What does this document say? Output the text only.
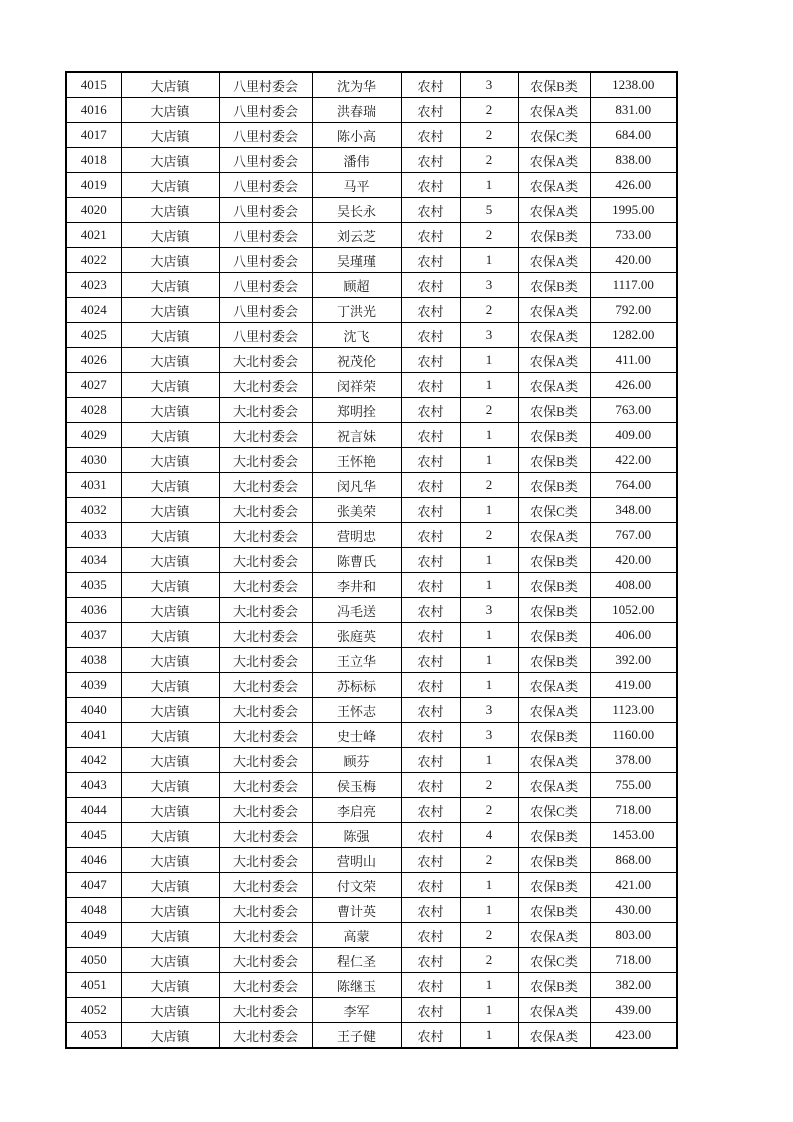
4015	大店镇	八里村委会	沈为华	农村	3	农保B类	1238.00
4016	大店镇	八里村委会	洪春瑞	农村	2	农保A类	831.00
4017	大店镇	八里村委会	陈小高	农村	2	农保C类	684.00
4018	大店镇	八里村委会	潘伟	农村	2	农保A类	838.00
4019	大店镇	八里村委会	马平	农村	1	农保A类	426.00
4020	大店镇	八里村委会	吴长永	农村	5	农保A类	1995.00
4021	大店镇	八里村委会	刘云芝	农村	2	农保B类	733.00
4022	大店镇	八里村委会	吴瑾瑾	农村	1	农保A类	420.00
4023	大店镇	八里村委会	顾超	农村	3	农保B类	1117.00
4024	大店镇	八里村委会	丁洪光	农村	2	农保A类	792.00
4025	大店镇	八里村委会	沈飞	农村	3	农保A类	1282.00
4026	大店镇	大北村委会	祝茂伦	农村	1	农保A类	411.00
4027	大店镇	大北村委会	闵祥荣	农村	1	农保A类	426.00
4028	大店镇	大北村委会	郑明拴	农村	2	农保B类	763.00
4029	大店镇	大北村委会	祝言妹	农村	1	农保B类	409.00
4030	大店镇	大北村委会	王怀艳	农村	1	农保B类	422.00
4031	大店镇	大北村委会	闵凡华	农村	2	农保B类	764.00
4032	大店镇	大北村委会	张美荣	农村	1	农保C类	348.00
4033	大店镇	大北村委会	营明忠	农村	2	农保A类	767.00
4034	大店镇	大北村委会	陈曹氏	农村	1	农保B类	420.00
4035	大店镇	大北村委会	李井和	农村	1	农保B类	408.00
4036	大店镇	大北村委会	冯毛送	农村	3	农保B类	1052.00
4037	大店镇	大北村委会	张庭英	农村	1	农保B类	406.00
4038	大店镇	大北村委会	王立华	农村	1	农保B类	392.00
4039	大店镇	大北村委会	苏标标	农村	1	农保A类	419.00
4040	大店镇	大北村委会	王怀志	农村	3	农保A类	1123.00
4041	大店镇	大北村委会	史士峰	农村	3	农保B类	1160.00
4042	大店镇	大北村委会	顾芬	农村	1	农保A类	378.00
4043	大店镇	大北村委会	侯玉梅	农村	2	农保A类	755.00
4044	大店镇	大北村委会	李启亮	农村	2	农保C类	718.00
4045	大店镇	大北村委会	陈强	农村	4	农保B类	1453.00
4046	大店镇	大北村委会	营明山	农村	2	农保B类	868.00
4047	大店镇	大北村委会	付文荣	农村	1	农保B类	421.00
4048	大店镇	大北村委会	曹计英	农村	1	农保B类	430.00
4049	大店镇	大北村委会	高蒙	农村	2	农保A类	803.00
4050	大店镇	大北村委会	程仁圣	农村	2	农保C类	718.00
4051	大店镇	大北村委会	陈继玉	农村	1	农保B类	382.00
4052	大店镇	大北村委会	李军	农村	1	农保A类	439.00
4053	大店镇	大北村委会	王子健	农村	1	农保A类	423.00
